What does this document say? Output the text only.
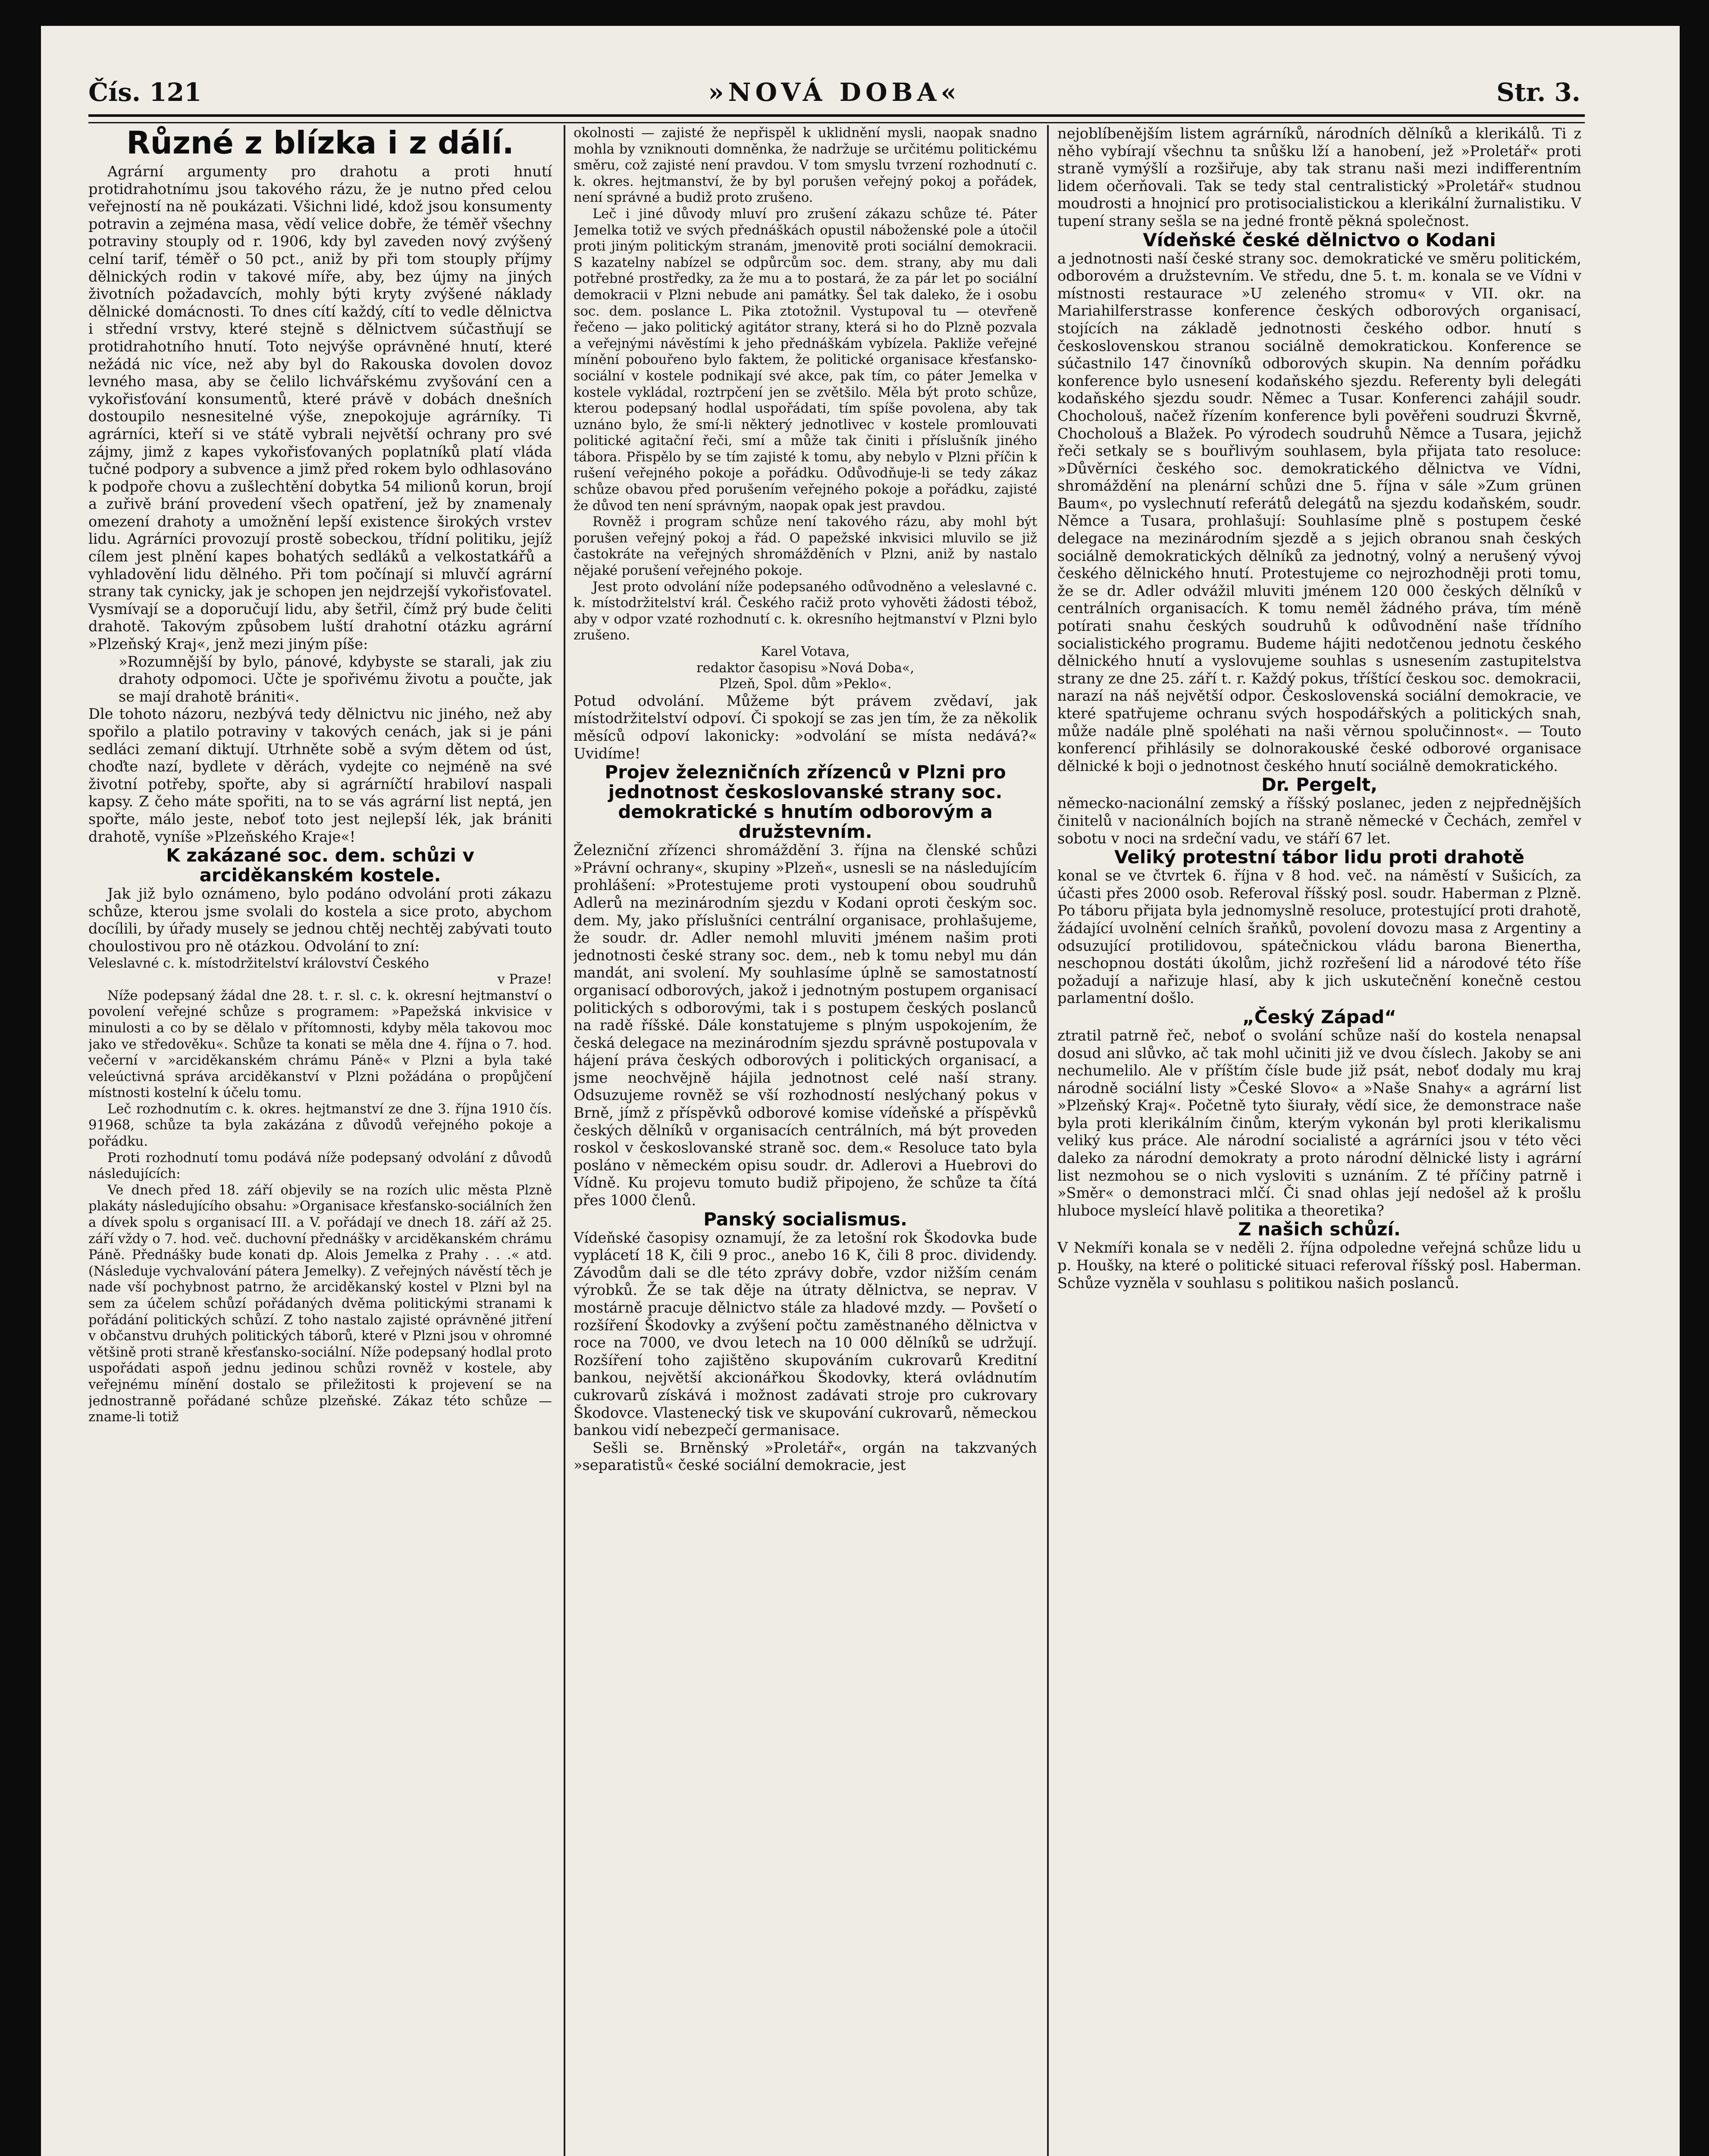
Čís. 121	»NOVÁ DOBA«	Str. 3.
Různé z blízka i z dálí.

Agrární argumenty pro drahotu a proti hnutí protidrahotnímu jsou takového rázu, že je nutno před celou veřejností na ně poukázati. Všichni lidé, kdož jsou konsumenty potravin a zejména masa, vědí velice dobře, že téměř všechny potraviny stouply od r. 1906, kdy byl zaveden nový zvýšený celní tarif, téměř o 50 pct., aniž by při tom stouply příjmy dělnických rodin v takové míře, aby, bez újmy na jiných životních požadavcích, mohly býti kryty zvýšené náklady dělnické domácnosti. To dnes cítí každý, cítí to vedle dělnictva i střední vrstvy, které stejně s dělnictvem súčastňují se protidrahotního hnutí. Toto nejvýše oprávněné hnutí, které nežádá nic více, než aby byl do Rakouska dovolen dovoz levného masa, aby se čelilo lichvářskému zvyšování cen a vykořisťování konsumentů, které právě v dobách dnešních dostoupilo nesnesitelné výše, znepokojuje agrárníky. Ti agrárníci, kteří si ve státě vybrali největší ochrany pro své zájmy, jimž z kapes vykořisťovaných poplatníků platí vláda tučné podpory a subvence a jimž před rokem bylo odhlasováno k podpoře chovu a zušlechtění dobytka 54 milionů korun, brojí a zuřivě brání provedení všech opatření, jež by znamenaly omezení drahoty a umožnění lepší existence širokých vrstev lidu. Agrárníci provozují prostě sobeckou, třídní politiku, jejíž cílem jest plnění kapes bohatých sedláků a velkostatkářů a vyhladovění lidu dělného. Při tom počínají si mluvčí agrární strany tak cynicky, jak je schopen jen nejdrzejší vykořisťovatel. Vysmívají se a doporučují lidu, aby šetřil, čímž prý bude čeliti drahotě. Takovým způsobem luští drahotní otázku agrární »Plzeňský Kraj«, jenž mezi jiným píše:

»Rozumnější by bylo, pánové, kdybyste se starali, jak ziu drahoty odpomoci. Učte je spořivému životu a poučte, jak se mají drahotě brániti«.

Dle tohoto názoru, nezbývá tedy dělnictvu nic jiného, než aby spořilo a platilo potraviny v takových cenách, jak si je páni sedláci zemaní diktují. Utrhněte sobě a svým dětem od úst, choďte nazí, bydlete v děrách, vydejte co nejméně na své životní potřeby, spořte, aby si agrárníčtí hrabiloví naspali kapsy. Z čeho máte spořiti, na to se vás agrární list neptá, jen spořte, málo jeste, neboť toto jest nejlepší lék, jak brániti drahotě, vyníše »Plzeňského Kraje«!

K zakázané soc. dem. schůzi v arciděkanském kostele.

Jak již bylo oznámeno, bylo podáno odvolání proti zákazu schůze, kterou jsme svolali do kostela a sice proto, abychom docílili, by úřady musely se jednou chtěj nechtěj zabývati touto choulostivou pro ně otázkou. Odvolání to zní:

Veleslavné c. k. místodržitelství království Českého

v Praze!

Níže podepsaný žádal dne 28. t. r. sl. c. k. okresní hejtmanství o povolení veřejné schůze s programem: »Papežská inkvisice v minulosti a co by se dělalo v přítomnosti, kdyby měla takovou moc jako ve středověku«. Schůze ta konati se měla dne 4. října o 7. hod. večerní v »arciděkanském chrámu Páně« v Plzni a byla také veleúctivná správa arciděkanství v Plzni požádána o propůjčení místnosti kostelní k účelu tomu.

Leč rozhodnutím c. k. okres. hejtmanství ze dne 3. října 1910 čís. 91968, schůze ta byla zakázána z důvodů veřejného pokoje a pořádku.

Proti rozhodnutí tomu podává níže podepsaný odvolání z důvodů následujících:

Ve dnech před 18. září objevily se na rozích ulic města Plzně plakáty následujícího obsahu: »Organisace křesťansko-sociálních žen a dívek spolu s organisací III. a V. pořádají ve dnech 18. září až 25. září vždy o 7. hod. več. duchovní přednášky v arciděkanském chrámu Páně. Přednášky bude konati dp. Alois Jemelka z Prahy . . .« atd. (Následuje vychvalování pátera Jemelky). Z veřejných návěstí těch je nade vší pochybnost patrno, že arciděkanský kostel v Plzni byl na sem za účelem schůzí pořádaných dvěma politickými stranami k pořádání politických schůzí. Z toho nastalo zajisté oprávněné jitření v občanstvu druhých politických táborů, které v Plzni jsou v ohromné většině proti straně křesťansko-sociální. Níže podepsaný hodlal proto uspořádati aspoň jednu jedinou schůzi rovněž v kostele, aby veřejnému mínění dostalo se přiležitosti k projevení se na jednostranně pořádané schůze plzeňské. Zákaz této schůze — zname-li totiž

okolnosti — zajisté že nepřispěl k uklidnění mysli, naopak snadno mohla by vzniknouti domněnka, že nadržuje se určitému politickému směru, což zajisté není pravdou. V tom smyslu tvrzení rozhodnutí c. k. okres. hejtmanství, že by byl porušen veřejný pokoj a pořádek, není správné a budiž proto zrušeno.

Leč i jiné důvody mluví pro zrušení zákazu schůze té. Páter Jemelka totiž ve svých přednáškách opustil náboženské pole a útočil proti jiným politickým stranám, jmenovitě proti sociální demokracii. S kazatelny nabízel se odpůrcům soc. dem. strany, aby mu dali potřebné prostředky, za že mu a to postará, že za pár let po sociální demokracii v Plzni nebude ani památky. Šel tak daleko, že i osobu soc. dem. poslance L. Pika ztotožnil. Vystupoval tu — otevřeně řečeno — jako politický agitátor strany, která si ho do Plzně pozvala a veřejnými návěstími k jeho přednáškám vybízela. Pakliže veřejné mínění pobouřeno bylo faktem, že politické organisace křesťansko-sociální v kostele podnikají své akce, pak tím, co páter Jemelka v kostele vykládal, roztrpčení jen se zvětšilo. Měla být proto schůze, kterou podepsaný hodlal uspořádati, tím spíše povolena, aby tak uznáno bylo, že smí-li některý jednotlivec v kostele promlouvati politické agitační řeči, smí a může tak činiti i příslušník jiného tábora. Přispělo by se tím zajisté k tomu, aby nebylo v Plzni příčin k rušení veřejného pokoje a pořádku. Odůvodňuje-li se tedy zákaz schůze obavou před porušením veřejného pokoje a pořádku, zajisté že důvod ten není správným, naopak opak jest pravdou.

Rovněž i program schůze není takového rázu, aby mohl být porušen veřejný pokoj a řád. O papežské inkvisici mluvilo se již častokráte na veřejných shromážděních v Plzni, aniž by nastalo nějaké porušení veřejného pokoje.

Jest proto odvolání níže podepsaného odůvodněno a veleslavné c. k. místodržitelství král. Českého račiž proto vyhověti žádosti tébož, aby v odpor vzaté rozhodnutí c. k. okresního hejtmanství v Plzni bylo zrušeno.

Karel Votava,

redaktor časopisu »Nová Doba«,

Plzeň, Spol. dům »Peklo«.

Potud odvolání. Můžeme být právem zvědaví, jak místodržitelství odpoví. Či spokojí se zas jen tím, že za několik měsíců odpoví lakonicky: »odvolání se místa nedává?« Uvidíme!

Projev železničních zřízenců v Plzni pro jednotnost českoslovanské strany soc. demokratické s hnutím odborovým a družstevním.

Železniční zřízenci shromáždění 3. října na členské schůzi »Právní ochrany«, skupiny »Plzeň«, usnesli se na následujícím prohlášení: »Protestujeme proti vystoupení obou soudruhů Adlerů na mezinárodním sjezdu v Kodani oproti českým soc. dem. My, jako příslušníci centrální organisace, prohlašujeme, že soudr. dr. Adler nemohl mluviti jménem našim proti jednotnosti české strany soc. dem., neb k tomu nebyl mu dán mandát, ani svolení. My souhlasíme úplně se samostatností organisací odborových, jakož i jednotným postupem organisací politických s odborovými, tak i s postupem českých poslanců na radě říšské. Dále konstatujeme s plným uspokojením, že česká delegace na mezinárodním sjezdu správně postupovala v hájení práva českých odborových i politických organisací, a jsme neochvějně hájila jednotnost celé naší strany. Odsuzujeme rovněž se vší rozhodností neslýchaný pokus v Brně, jímž z příspěvků odborové komise vídeňské a příspěvků českých dělníků v organisacích centrálních, má být proveden roskol v českoslovanské straně soc. dem.« Resoluce tato byla posláno v německém opisu soudr. dr. Adlerovi a Huebrovi do Vídně. Ku projevu tomuto budiž připojeno, že schůze ta čítá přes 1000 členů.

Panský socialismus.

Vídeňské časopisy oznamují, že za letošní rok Škodovka bude vyplácetí 18 K, čili 9 proc., anebo 16 K, čili 8 proc. dividendy. Závodům dali se dle této zprávy dobře, vzdor nižším cenám výrobků. Že se tak děje na útraty dělnictva, se neprav. V mostárně pracuje dělnictvo stále za hladové mzdy. — Povšetí o rozšíření Škodovky a zvýšení počtu zaměstnaného dělnictva v roce na 7000, ve dvou letech na 10 000 dělníků se udržují. Rozšíření toho zajištěno skupováním cukrovarů Kreditní bankou, největší akcionářkou Škodovky, která ovládnutím cukrovarů získává i možnost zadávati stroje pro cukrovary Škodovce. Vlastenecký tisk ve skupování cukrovarů, německou bankou vidí nebezpečí germanisace.

Sešli se. Brněnský »Proletář«, orgán na takzvaných »separatistů« české sociální demokracie, jest

nejoblíbenějším listem agrárníků, národních dělníků a klerikálů. Ti z něho vybírají všechnu ta snůšku lží a hanobení, jež »Proletář« proti straně vymýšlí a rozšiřuje, aby tak stranu naši mezi indifferentním lidem očerňovali. Tak se tedy stal centralistický »Proletář« studnou moudrosti a hnojnicí pro protisocialistickou a klerikální žurnalistiku. V tupení strany sešla se na jedné frontě pěkná společnost.

Vídeňské české dělnictvo o Kodani

a jednotnosti naší české strany soc. demokratické ve směru politickém, odborovém a družstevním. Ve středu, dne 5. t. m. konala se ve Vídni v místnosti restaurace »U zeleného stromu« v VII. okr. na Mariahilferstrasse konference českých odborových organisací, stojících na základě jednotnosti českého odbor. hnutí s československou stranou sociálně demokratickou. Konference se súčastnilo 147 činovníků odborových skupin. Na denním pořádku konference bylo usnesení kodaňského sjezdu. Referenty byli delegáti kodaňského sjezdu soudr. Němec a Tusar. Konferenci zahájil soudr. Chocholouš, načež řízením konference byli pověřeni soudruzi Škvrně, Chocholouš a Blažek. Po výrodech soudruhů Němce a Tusara, jejichž řeči setkaly se s bouřlivým souhlasem, byla přijata tato resoluce: »Důvěrníci českého soc. demokratického dělnictva ve Vídni, shromáždění na plenární schůzi dne 5. října v sále »Zum grünen Baum«, po vyslechnutí referátů delegátů na sjezdu kodaňském, soudr. Němce a Tusara, prohlašují: Souhlasíme plně s postupem české delegace na mezinárodním sjezdě a s jejich obranou snah českých sociálně demokratických dělníků za jednotný, volný a nerušený vývoj českého dělnického hnutí. Protestujeme co nejrozhodněji proti tomu, že se dr. Adler odvážil mluviti jménem 120 000 českých dělníků v centrálních organisacích. K tomu neměl žádného práva, tím méně potírati snahu českých soudruhů k odůvodnění naše třídního socialistického programu. Budeme hájiti nedotčenou jednotu českého dělnického hnutí a vyslovujeme souhlas s usnesením zastupitelstva strany ze dne 25. září t. r. Každý pokus, tříštící českou soc. demokracii, narazí na náš největší odpor. Československá sociální demokracie, ve které spatřujeme ochranu svých hospodářských a politických snah, může nadále plně spoléhati na naši věrnou spolučinnost«. — Touto konferencí přihlásily se dolnorakouské české odborové organisace dělnické k boji o jednotnost českého hnutí sociálně demokratického.

Dr. Pergelt,

německo-nacionální zemský a říšský poslanec, jeden z nejpřednějších činitelů v nacionálních bojích na straně německé v Čechách, zemřel v sobotu v noci na srdeční vadu, ve stáří 67 let.

Veliký protestní tábor lidu proti drahotě

konal se ve čtvrtek 6. října v 8 hod. več. na náměstí v Sušicích, za účasti přes 2000 osob. Referoval říšský posl. soudr. Haberman z Plzně. Po táboru přijata byla jednomyslně resoluce, protestující proti drahotě, žádající uvolnění celních šraňků, povolení dovozu masa z Argentiny a odsuzující protilidovou, spátečnickou vládu barona Bienertha, neschopnou dostáti úkolům, jichž rozřešení lid a národové této říše požadují a nařizuje hlasí, aby k jich uskutečnění konečně cestou parlamentní došlo.

„Český Západ“

ztratil patrně řeč, neboť o svolání schůze naší do kostela nenapsal dosud ani slůvko, ač tak mohl učiniti již ve dvou číslech. Jakoby se ani nechumelilo. Ale v příštím čísle bude již psát, neboť dodaly mu kraj národně sociální listy »České Slovo« a »Naše Snahy« a agrární list »Plzeňský Kraj«. Početně tyto šiurały, vědí sice, že demonstrace naše byla proti klerikálním činům, kterým vykonán byl proti klerikalismu veliký kus práce. Ale národní socialisté a agrárníci jsou v této věci daleko za národní demokraty a proto národní dělnické listy i agrární list nezmohou se o nich vysloviti s uznáním. Z té příčiny patrně i »Směr« o demonstraci mlčí. Či snad ohlas její nedošel až k prošlu hluboce mysleící hlavě politika a theoretika?

Z našich schůzí.

V Nekmíři konala se v neděli 2. října odpoledne veřejná schůze lidu u p. Houšky, na které o politické situaci referoval říšský posl. Haberman. Schůze vyzněla v souhlasu s politikou našich poslanců.
